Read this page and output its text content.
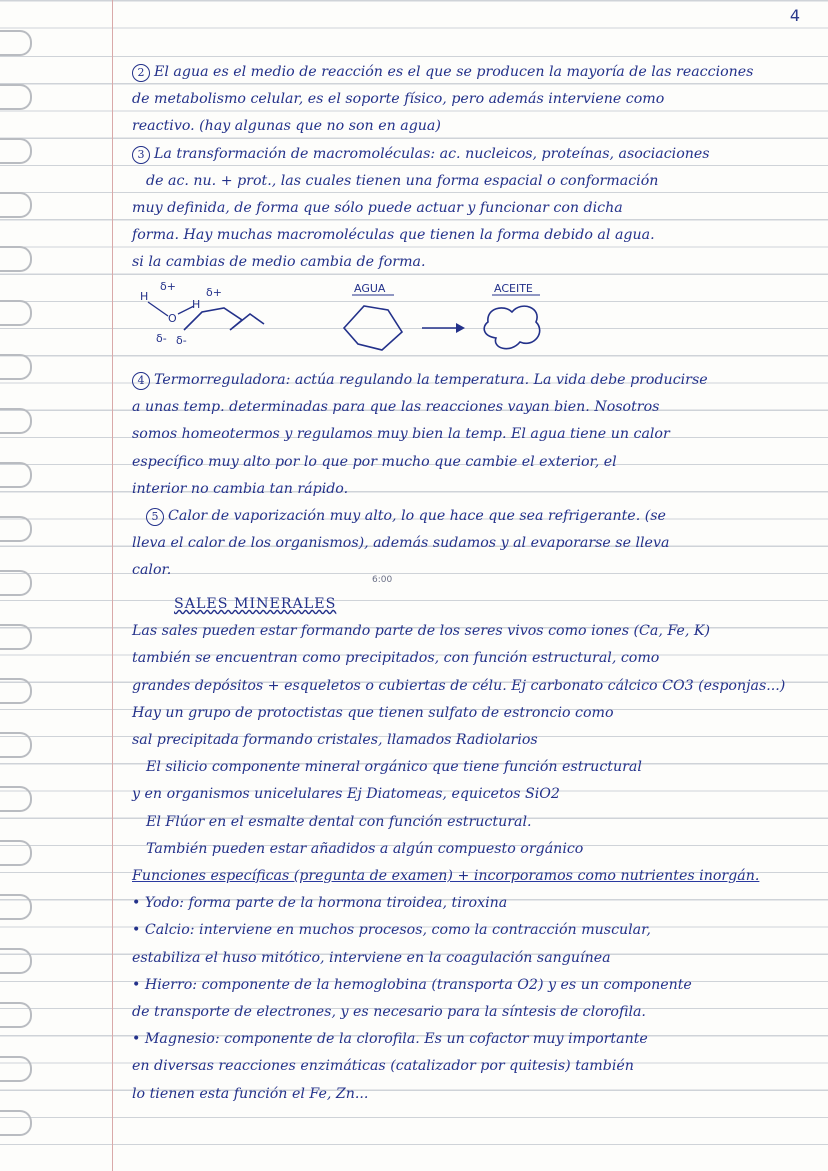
4

2 El agua es el medio de reacción es el que se producen la mayoría de las reacciones

de metabolismo celular, es el soporte físico, pero además interviene como

reactivo. (hay algunas que no son en agua)

3 La transformación de macromoléculas: ac. nucleicos, proteínas, asociaciones

de ac. nu. + prot., las cuales tienen una forma espacial o conformación

muy definida, de forma que sólo puede actuar y funcionar con dicha

forma. Hay muchas macromoléculas que tienen la forma debido al agua.

si la cambias de medio cambia de forma.

H
δ+
O
H
δ+
δ- δ-
AGUA	ACEITE

4 Termorreguladora: actúa regulando la temperatura. La vida debe producirse

a unas temp. determinadas para que las reacciones vayan bien. Nosotros

somos homeotermos y regulamos muy bien la temp. El agua tiene un calor

específico muy alto por lo que por mucho que cambie el exterior, el

interior no cambia tan rápido.

5 Calor de vaporización muy alto, lo que hace que sea refrigerante. (se

lleva el calor de los organismos), además sudamos y al evaporarse se lleva

calor.

6:00

SALES MINERALES

Las sales pueden estar formando parte de los seres vivos como iones (Ca, Fe, K)

también se encuentran como precipitados, con función estructural, como

grandes depósitos + esqueletos o cubiertas de célu. Ej carbonato cálcico CO3 (esponjas...)

Hay un grupo de protoctistas que tienen sulfato de estroncio como

sal precipitada formando cristales, llamados Radiolarios

El silicio componente mineral orgánico que tiene función estructural

y en organismos unicelulares Ej Diatomeas, equicetos SiO2

El Flúor en el esmalte dental con función estructural.

También pueden estar añadidos a algún compuesto orgánico

Funciones específicas (pregunta de examen) + incorporamos como nutrientes inorgán.

• Yodo: forma parte de la hormona tiroidea, tiroxina

• Calcio: interviene en muchos procesos, como la contracción muscular,

estabiliza el huso mitótico, interviene en la coagulación sanguínea

• Hierro: componente de la hemoglobina (transporta O2) y es un componente

de transporte de electrones, y es necesario para la síntesis de clorofila.

• Magnesio: componente de la clorofila. Es un cofactor muy importante

en diversas reacciones enzimáticas (catalizador por quitesis) también

lo tienen esta función el Fe, Zn...
